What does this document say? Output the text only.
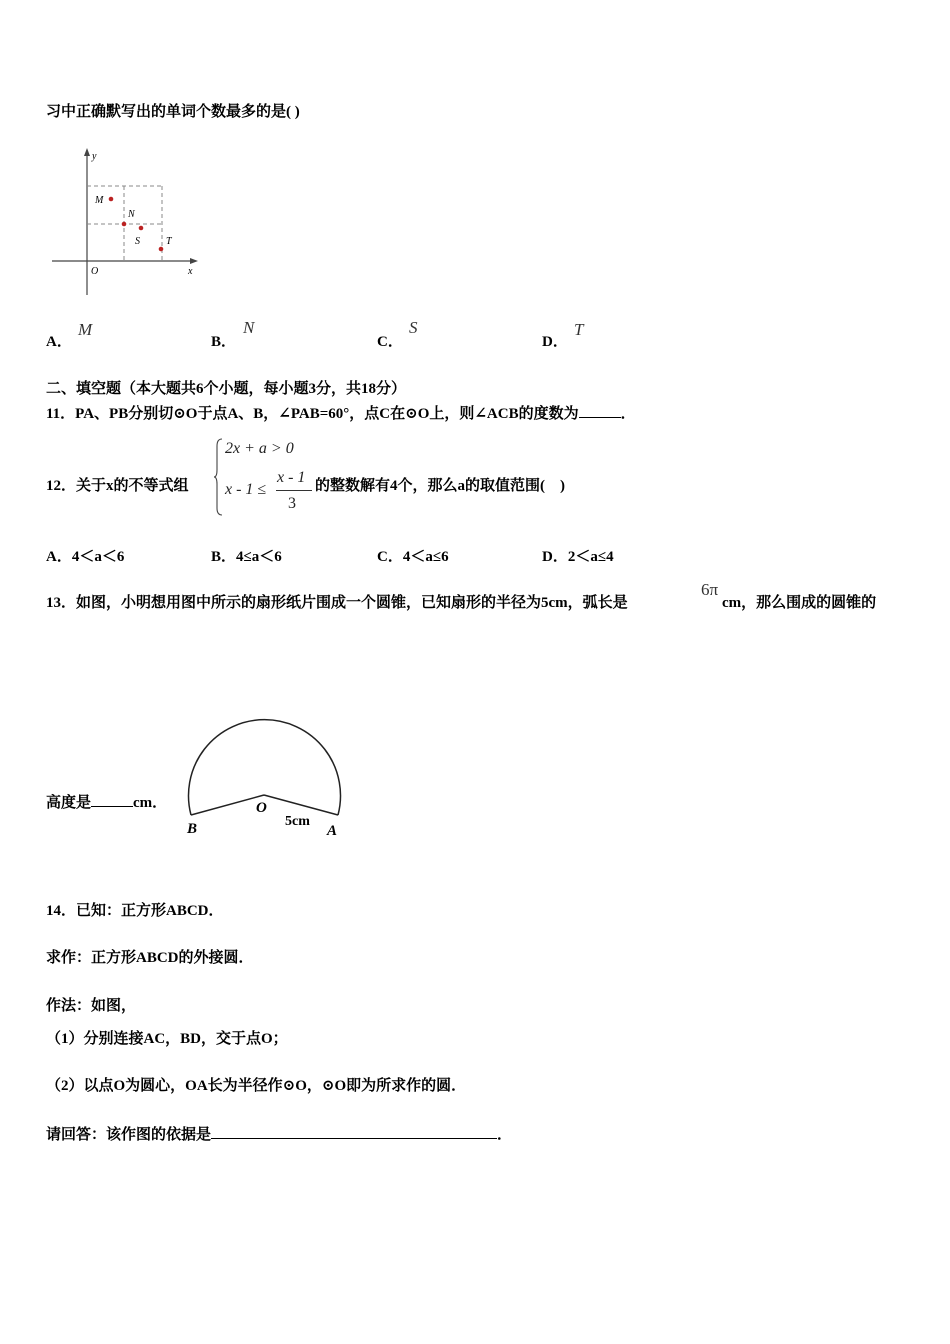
习中正确默写出的单词个数最多的是( )
y
x
O
M
N
S	T
A．
M
B．
N
C．
S
D．
T
二、填空题（本大题共6个小题，每小题3分，共18分）
11．PA、PB分别切⊙O于点A、B，∠PAB=60°，点C在⊙O上，则∠ACB的度数为	．
12．关于x的不等式组
2x + a > 0
x - 1 ≤
x - 1
3
的整数解有4个，那么a的取值范围(　)
A．4＜a＜6	B．4≤a＜6	C．4＜a≤6	D．2＜a≤4
13．如图，小明想用图中所示的扇形纸片围成一个圆锥，已知扇形的半径为5cm，弧长是
6π
cm，那么围成的圆锥的
高度是	cm．	O
B	A
5cm
14．已知：正方形ABCD．
求作：正方形ABCD的外接圆．
作法：如图，
（1）分别连接AC，BD，交于点O；
（2）以点O为圆心，OA长为半径作⊙O，⊙O即为所求作的圆．
请回答：该作图的依据是	．
